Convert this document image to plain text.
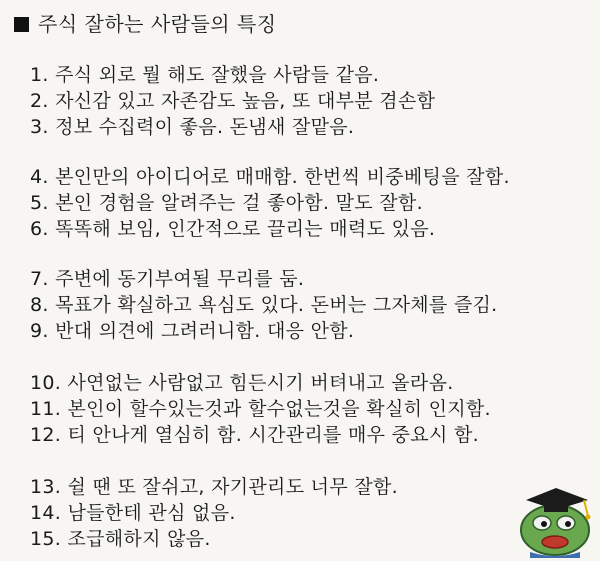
주식 잘하는 사람들의 특징
1. 주식 외로 뭘 해도 잘했을 사람들 같음.
2. 자신감 있고 자존감도 높음, 또 대부분 겸손함
3. 정보 수집력이 좋음. 돈냄새 잘맡음.
4. 본인만의 아이디어로 매매함. 한번씩 비중베팅을 잘함.
5. 본인 경험을 알려주는 걸 좋아함. 말도 잘함.
6. 똑똑해 보임, 인간적으로 끌리는 매력도 있음.
7. 주변에 동기부여될 무리를 둠.
8. 목표가 확실하고 욕심도 있다. 돈버는 그자체를 즐김.
9. 반대 의견에 그려러니함. 대응 안함.
10. 사연없는 사람없고 힘든시기 버텨내고 올라옴.
11. 본인이 할수있는것과 할수없는것을 확실히 인지함.
12. 티 안나게 열심히 함. 시간관리를 매우 중요시 함.
13. 쉴 땐 또 잘쉬고, 자기관리도 너무 잘함.
14. 남들한테 관심 없음.
15. 조급해하지 않음.
